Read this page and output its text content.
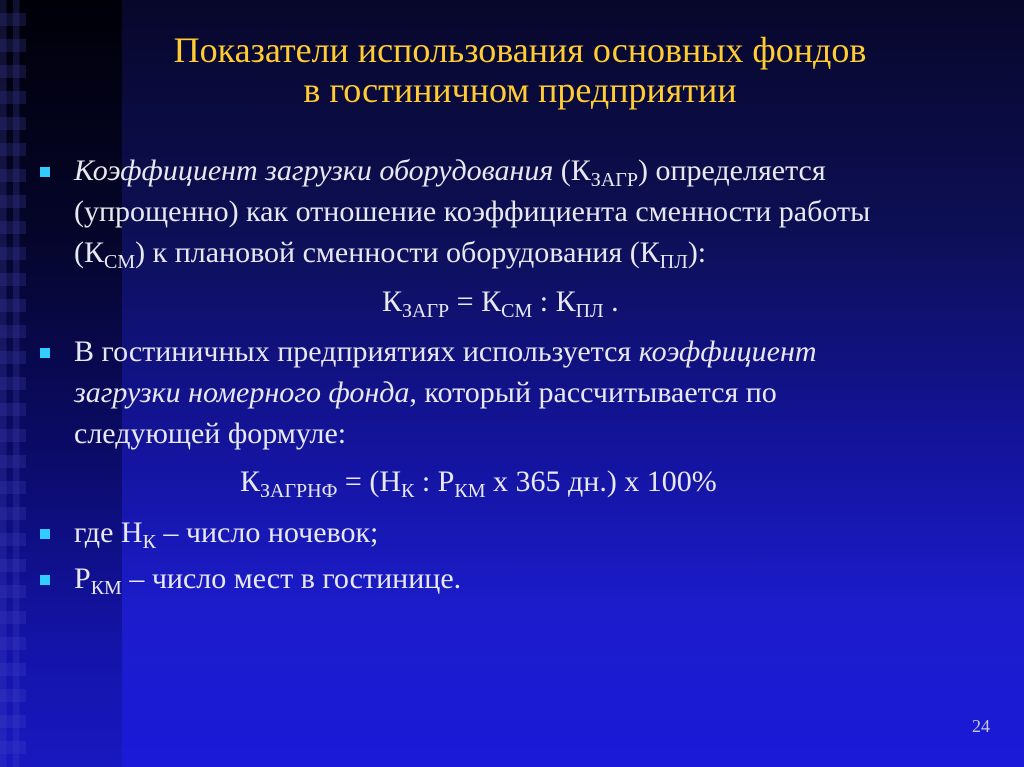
Показатели использования основных фондов
в гостиничном предприятии
Коэффициент загрузки оборудования $(К_{ЗАГР})$ определяется
(упрощенно) как отношение коэффициента сменности работы
$(К_{СМ})$ к плановой сменности оборудования $(К_{ПЛ})$:
$К_{ЗАГР} = К_{СМ}$ : $К_{ПЛ}$ .
В гостиничных предприятиях используется коэффициент
загрузки номерного фонда, который рассчитывается по
следующей формуле:
$К_{ЗАГРНФ} = (Н_К$ : $Р_{КМ}$ х 365 дн.) х 100%
где $Н_К$ – число ночевок;
$Р_{КМ}$ – число мест в гостинице.
24
